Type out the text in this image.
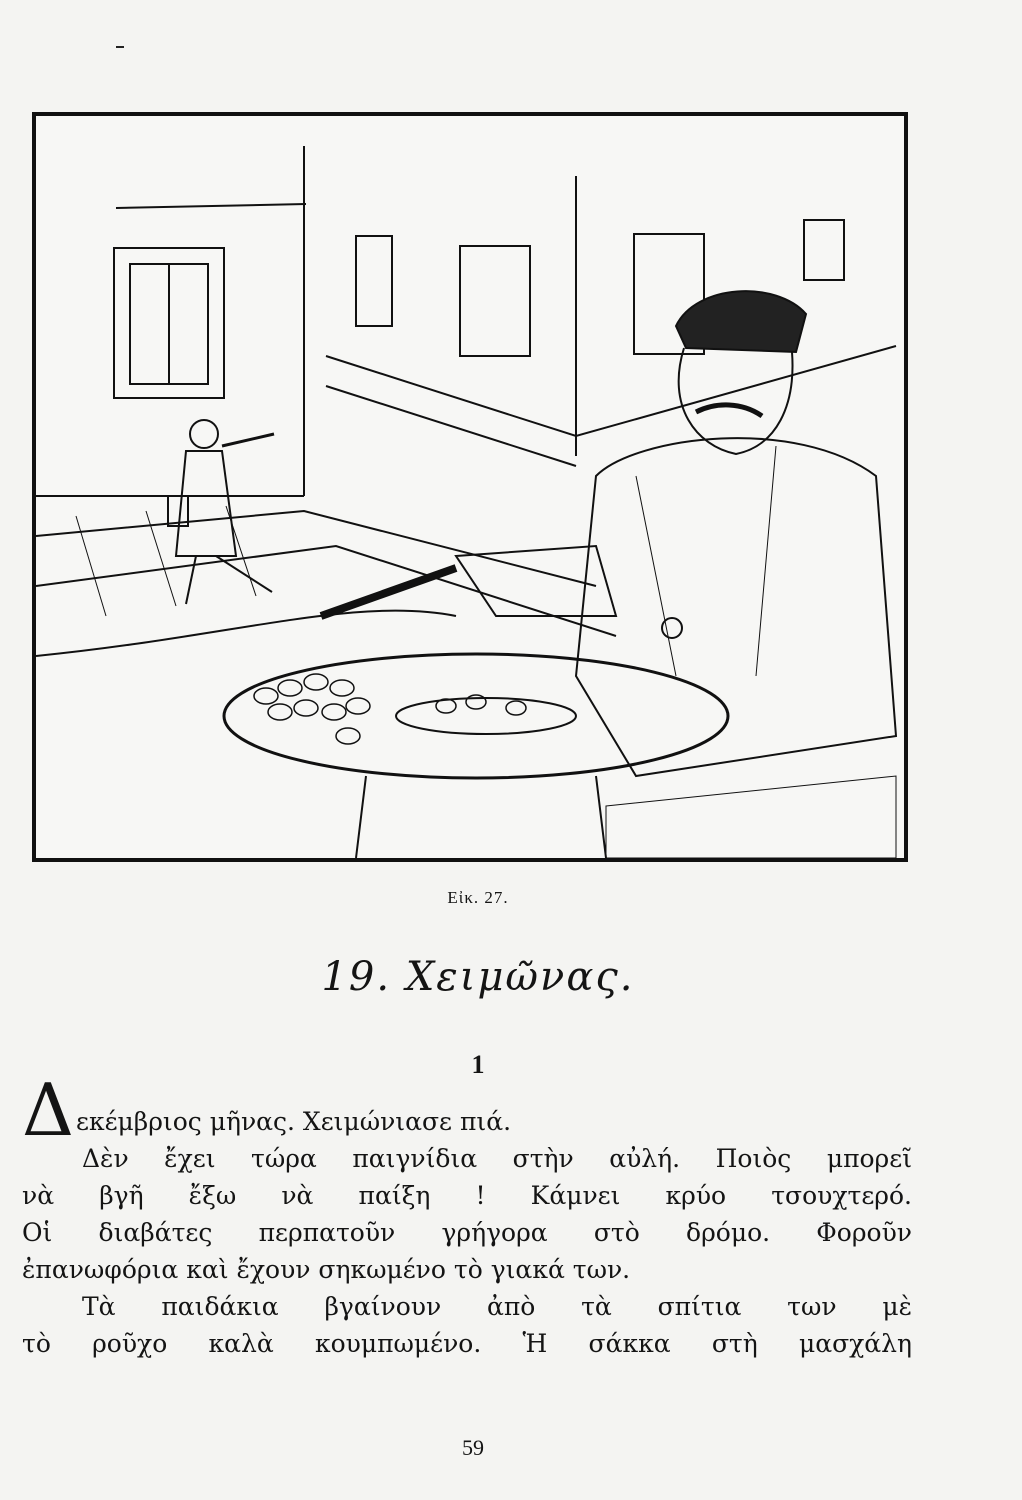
Εἰκ. 27.
19. Χειμῶνας.
1
Δ εκέμβριος μῆνας. Χειμώνιασε πιά.
Δὲν ἔχει τώρα παιγνίδια στὴν αὐλή. Ποιὸς μπορεῖ
νὰ βγῆ ἔξω νὰ παίξη ! Κάμνει κρύο τσουχτερό.
Οἱ διαβάτες περπατοῦν γρήγορα στὸ δρόμο. Φοροῦν
ἐπανωφόρια καὶ ἔχουν σηκωμένο τὸ γιακά των.
Τὰ παιδάκια βγαίνουν ἀπὸ τὰ σπίτια των μὲ
τὸ ροῦχο καλὰ κουμπωμένο. Ἡ σάκκα στὴ μασχάλη
59
